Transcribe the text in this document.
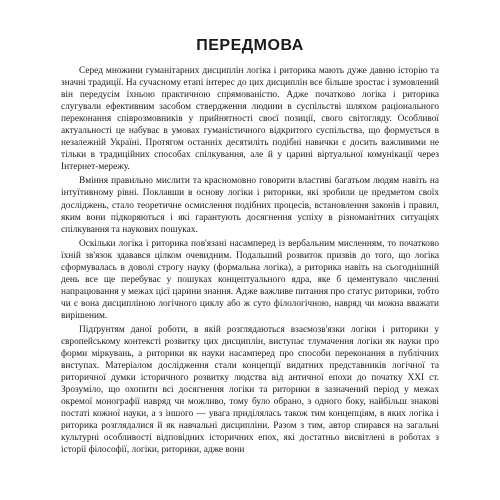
ПЕРЕДМОВА

Серед множини гуманітарних дисциплін логіка і риторика мають дуже давню історію та значні традиції. На сучасному етапі інтерес до цих дисциплін все більше зростає і зумовлений він передусім їхньою практичною спрямованістю. Адже початково логіка і риторика слугували ефективним засобом ствердження людини в суспільстві шляхом раціонального переконання співрозмовників у прийнятності своєї позиції, свого світогляду. Особливої актуальності це набуває в умовах гуманістичного відкритого суспільства, що формується в незалежній Україні. Протягом останніх десятиліть подібні навички є досить важливими не тільки в традиційних способах спілкування, але й у царині віртуальної комунікації через Інтернет-мережу.

Вміння правильно мислити та красномовно говорити властиві багатьом людям навіть на інтуїтивному рівні. Поклавши в основу логіки і риторики, які зробили це предметом своїх досліджень, стало теоретичне осмислення подібних процесів, встановлення законів і правил, яким вони підкоряються і які гарантують досягнення успіху в різноманітних ситуаціях спілкування та наукових пошуках.

Оскільки логіка і риторика пов'язані насамперед із вербальним мисленням, то початково їхній зв'язок здавався цілком очевидним. Подальший розвиток призвів до того, що логіка сформувалась в доволі строгу науку (формальна логіка), а риторика навіть на сьогоднішній день все ще перебуває у пошуках концептуального ядра, яке б цементувало численні напрацювання у межах цієї царини знання. Адже важливе питання про статус риторики, тобто чи є вона дисципліною логічного циклу або ж суто філологічною, навряд чи можна вважати вирішеним.

Підґрунтям даної роботи, в якій розглядаються взаємозв'язки логіки і риторики у європейському контексті розвитку цих дисциплін, виступає тлумачення логіки як науки про форми міркувань, а риторики як науки насамперед про способи переконання в публічних виступах. Матеріалом дослідження стали концепції видатних представників логічної та риторичної думки історичного розвитку людства від античної епохи до початку XXI ст. Зрозуміло, що охопити всі досягнення логіки та риторики в зазначений період у межах окремої монографії навряд чи можливо, тому було обрано, з одного боку, найбільш знакові постаті кожної науки, а з іншого — увага приділялась також тим концепціям, в яких логіка і риторика розглядалися й як навчальні дисципліни. Разом з тим, автор спирався на загальні культурні особливості відповідних історичних епох, які достатньо висвітлені в роботах з історії філософії, логіки, риторики, адже вони
